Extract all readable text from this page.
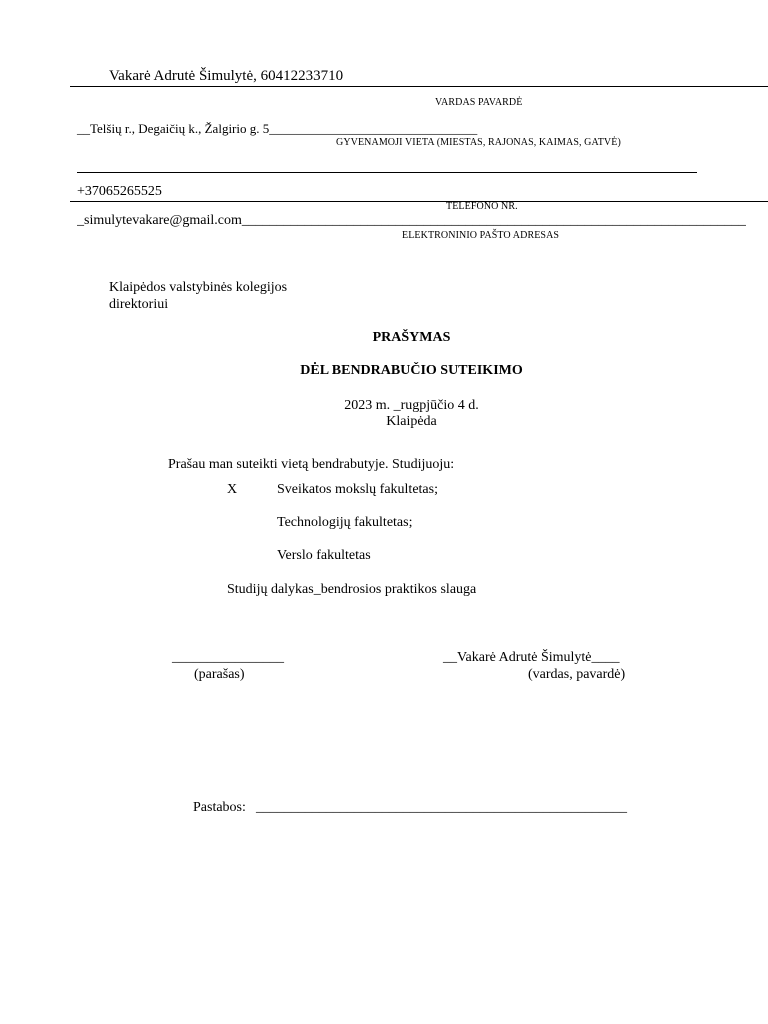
Vakarė Adrutė Šimulytė, 60412233710
VARDAS PAVARDĖ
__Telšių r., Degaičių k., Žalgirio g. 5________________________________
GYVENAMOJI VIETA (MIESTAS, RAJONAS, KAIMAS, GATVĖ)
+37065265525
TELEFONO NR.
_simulytevakare@gmail.com________________________________________________________________________
ELEKTRONINIO PAŠTO ADRESAS
Klaipėdos valstybinės kolegijos
direktoriui
PRAŠYMAS
DĖL BENDRABUČIO SUTEIKIMO
2023 m. _rugpjūčio 4 d.
Klaipėda
Prašau man suteikti vietą bendrabutyje. Studijuoju:
X	Sveikatos mokslų fakultetas;
Technologijų fakultetas;
Verslo fakultetas
Studijų dalykas_bendrosios praktikos slauga
________________
(parašas)
__Vakarė Adrutė Šimulytė____
(vardas, pavardė)
Pastabos: _____________________________________________________
